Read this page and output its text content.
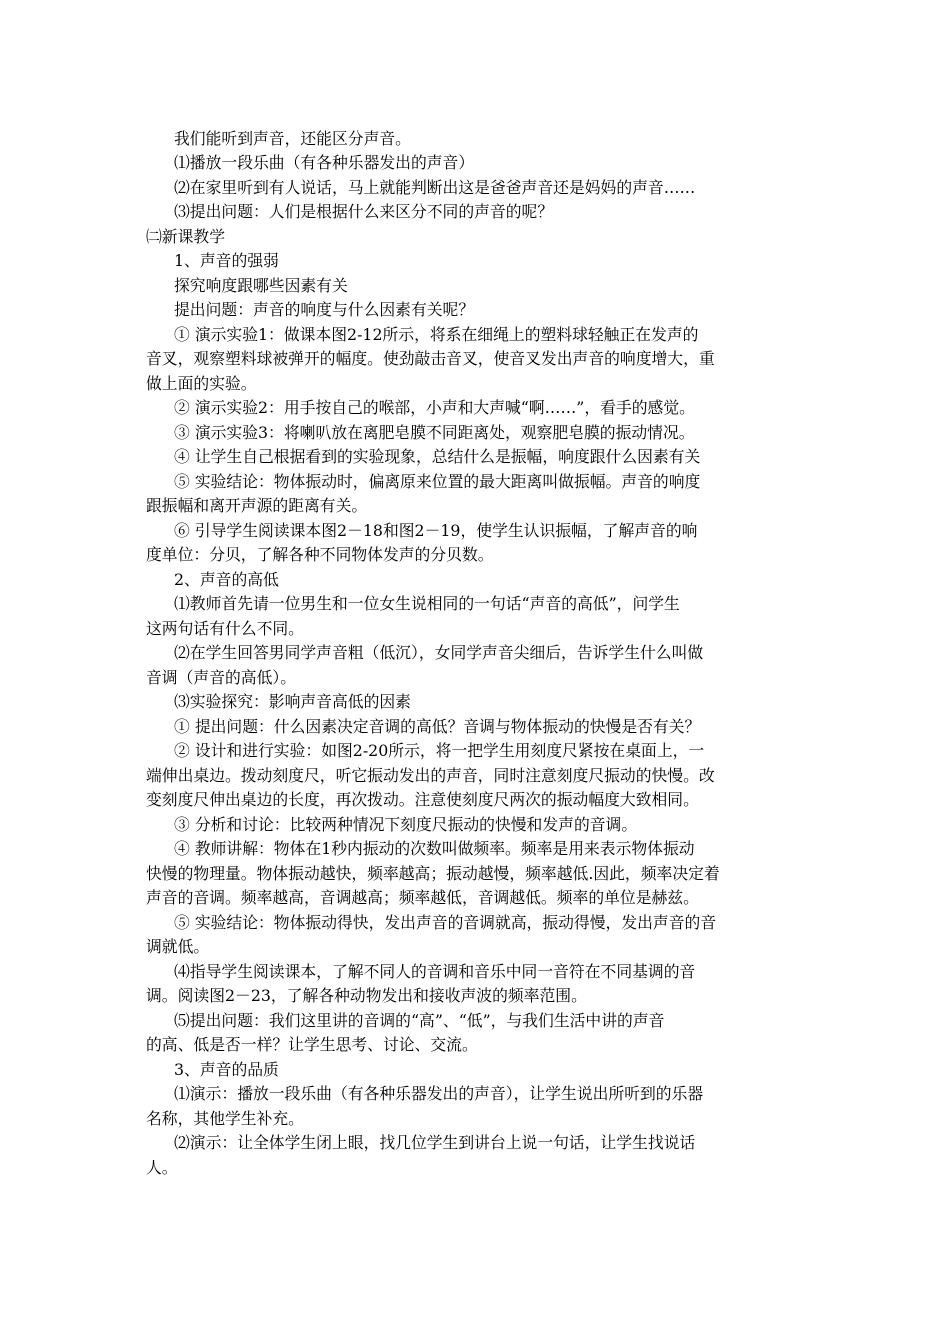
我们能听到声音，还能区分声音。
⑴播放一段乐曲（有各种乐器发出的声音）
⑵在家里听到有人说话，马上就能判断出这是爸爸声音还是妈妈的声音……
⑶提出问题：人们是根据什么来区分不同的声音的呢？
㈡新课教学
1、声音的强弱
探究响度跟哪些因素有关
提出问题：声音的响度与什么因素有关呢？
① 演示实验1：做课本图2-12所示，将系在细绳上的塑料球轻触正在发声的
音叉，观察塑料球被弹开的幅度。使劲敲击音叉，使音叉发出声音的响度增大，重
做上面的实验。
② 演示实验2：用手按自己的喉部，小声和大声喊“啊……”，看手的感觉。
③ 演示实验3：将喇叭放在离肥皂膜不同距离处，观察肥皂膜的振动情况。
④ 让学生自己根据看到的实验现象，总结什么是振幅，响度跟什么因素有关
⑤ 实验结论：物体振动时，偏离原来位置的最大距离叫做振幅。声音的响度
跟振幅和离开声源的距离有关。
⑥ 引导学生阅读课本图2－18和图2－19，使学生认识振幅，了解声音的响
度单位：分贝，了解各种不同物体发声的分贝数。
2、声音的高低
⑴教师首先请一位男生和一位女生说相同的一句话“声音的高低”，问学生
这两句话有什么不同。
⑵在学生回答男同学声音粗（低沉），女同学声音尖细后，告诉学生什么叫做
音调（声音的高低）。
⑶实验探究：影响声音高低的因素
① 提出问题：什么因素决定音调的高低？音调与物体振动的快慢是否有关？
② 设计和进行实验：如图2-20所示，将一把学生用刻度尺紧按在桌面上，一
端伸出桌边。拨动刻度尺，听它振动发出的声音，同时注意刻度尺振动的快慢。改
变刻度尺伸出桌边的长度，再次拨动。注意使刻度尺两次的振动幅度大致相同。
③ 分析和讨论：比较两种情况下刻度尺振动的快慢和发声的音调。
④ 教师讲解：物体在1秒内振动的次数叫做频率。频率是用来表示物体振动
快慢的物理量。物体振动越快，频率越高；振动越慢，频率越低.因此，频率决定着
声音的音调。频率越高，音调越高；频率越低，音调越低。频率的单位是赫兹。
⑤ 实验结论：物体振动得快，发出声音的音调就高，振动得慢，发出声音的音
调就低。
⑷指导学生阅读课本，了解不同人的音调和音乐中同一音符在不同基调的音
调。阅读图2－23，了解各种动物发出和接收声波的频率范围。
⑸提出问题：我们这里讲的音调的“高”、“低”，与我们生活中讲的声音
的高、低是否一样？让学生思考、讨论、交流。
3、声音的品质
⑴演示：播放一段乐曲（有各种乐器发出的声音），让学生说出所听到的乐器
名称，其他学生补充。
⑵演示：让全体学生闭上眼，找几位学生到讲台上说一句话，让学生找说话
人。
